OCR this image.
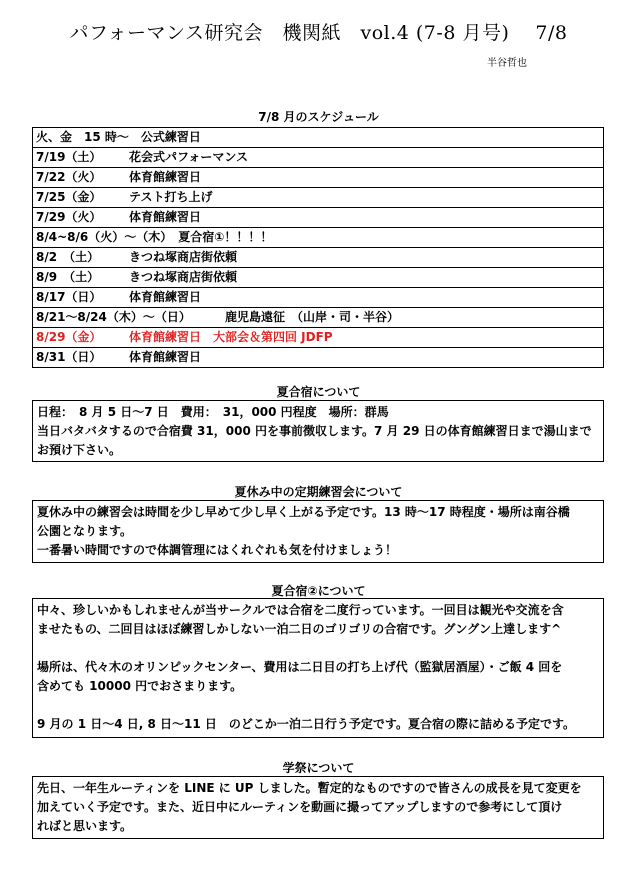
パフォーマンス研究会　機関紙　vol.4 (7-8 月号)　 7/8
半谷哲也
7/8 月のスケジュール
火、金　15 時～　公式練習日
7/19（土） 花会式パフォーマンス
7/22（火） 体育館練習日
7/25（金） テスト打ち上げ
7/29（火） 体育館練習日
8/4~8/6（火）～（木）　夏合宿①！！！！
8/2　（土） きつね塚商店街依頼
8/9　（土） きつね塚商店街依頼
8/17（日） 体育館練習日
8/21～8/24（木）～（日）	鹿児島遠征　（山岸・司・半谷）
8/29（金） 体育館練習日　大部会＆第四回 JDFP
8/31（日） 体育館練習日
夏合宿について

日程：　8 月 5 日～7 日　費用：　31，000 円程度　場所：群馬

当日バタバタするので合宿費 31，000 円を事前徴収します。7 月 29 日の体育館練習日まで湯山まで

お預け下さい。

夏休み中の定期練習会について

夏休み中の練習会は時間を少し早めて少し早く上がる予定です。13 時～17 時程度・場所は南谷橋

公園となります。

一番暑い時間ですので体調管理にはくれぐれも気を付けましょう！

夏合宿②について

中々、珍しいかもしれませんが当サークルでは合宿を二度行っています。一回目は観光や交流を含

ませたもの、二回目はほぼ練習しかしない一泊二日のゴリゴリの合宿です。グングン上達します^

場所は、代々木のオリンピックセンター、費用は二日目の打ち上げ代（監獄居酒屋）・ご飯 4 回を

含めても 10000 円でおさまります。

9 月の 1 日～4 日, 8 日～11 日　のどこか一泊二日行う予定です。夏合宿の際に詰める予定です。

学祭について

先日、一年生ルーティンを LINE に UP しました。暫定的なものですので皆さんの成長を見て変更を

加えていく予定です。また、近日中にルーティンを動画に撮ってアップしますので参考にして頂け

ればと思います。
